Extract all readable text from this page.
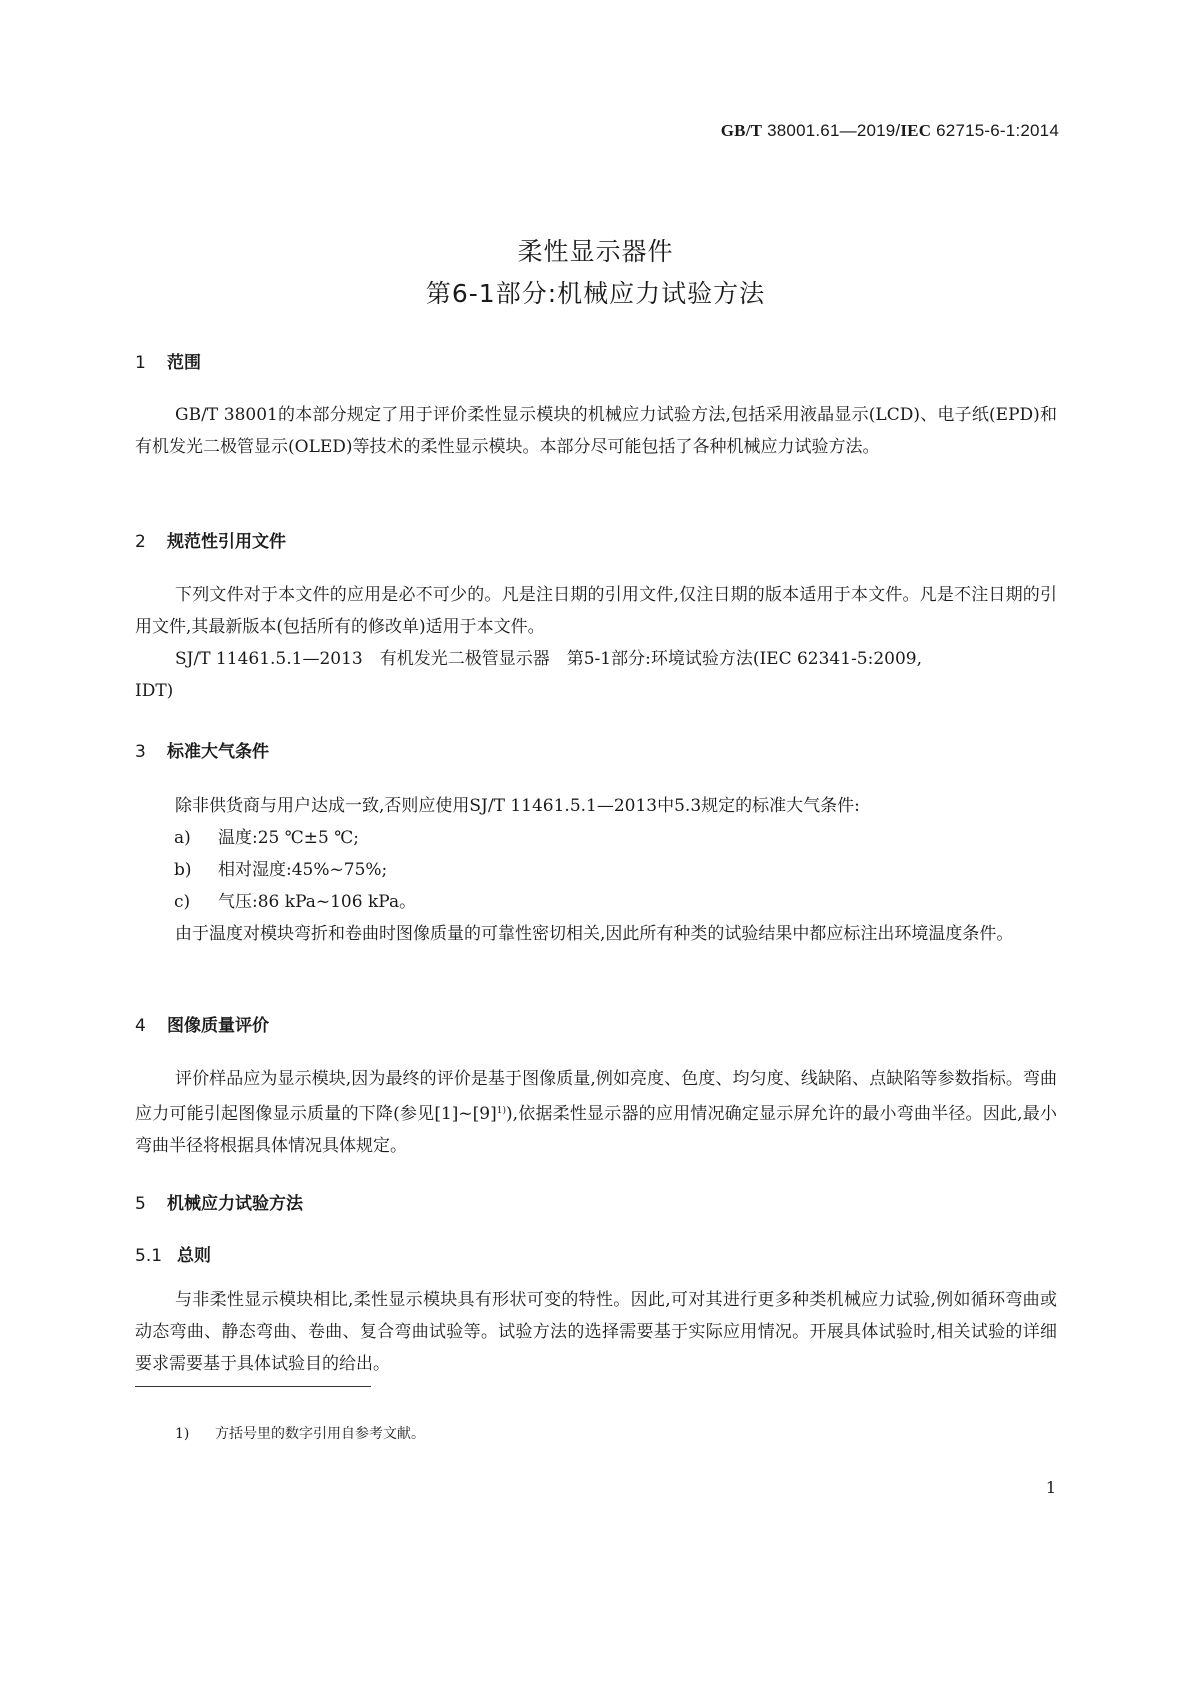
GB/T 38001.61—2019/IEC 62715-6-1:2014
柔性显示器件
第6-1部分:机械应力试验方法
1 范围
GB/T 38001的本部分规定了用于评价柔性显示模块的机械应力试验方法,包括采用液晶显示(LCD)、电子纸(EPD)和有机发光二极管显示(OLED)等技术的柔性显示模块。本部分尽可能包括了各种机械应力试验方法。
2 规范性引用文件
下列文件对于本文件的应用是必不可少的。凡是注日期的引用文件,仅注日期的版本适用于本文件。凡是不注日期的引用文件,其最新版本(包括所有的修改单)适用于本文件。
SJ/T 11461.5.1—2013　有机发光二极管显示器　第5-1部分:环境试验方法(IEC 62341-5:2009,
IDT)
3 标准大气条件
除非供货商与用户达成一致,否则应使用SJ/T 11461.5.1—2013中5.3规定的标准大气条件:
a) 温度:25 ℃±5 ℃;
b) 相对湿度:45%~75%;
c) 气压:86 kPa~106 kPa。
由于温度对模块弯折和卷曲时图像质量的可靠性密切相关,因此所有种类的试验结果中都应标注出环境温度条件。
4 图像质量评价
评价样品应为显示模块,因为最终的评价是基于图像质量,例如亮度、色度、均匀度、线缺陷、点缺陷等参数指标。弯曲应力可能引起图像显示质量的下降(参见$[1]\sim[9]^{1)}$),依据柔性显示器的应用情况确定显示屏允许的最小弯曲半径。因此,最小弯曲半径将根据具体情况具体规定。
5 机械应力试验方法
5.1 总则
与非柔性显示模块相比,柔性显示模块具有形状可变的特性。因此,可对其进行更多种类机械应力试验,例如循环弯曲或动态弯曲、静态弯曲、卷曲、复合弯曲试验等。试验方法的选择需要基于实际应用情况。开展具体试验时,相关试验的详细要求需要基于具体试验目的给出。
1) 方括号里的数字引用自参考文献。
1
